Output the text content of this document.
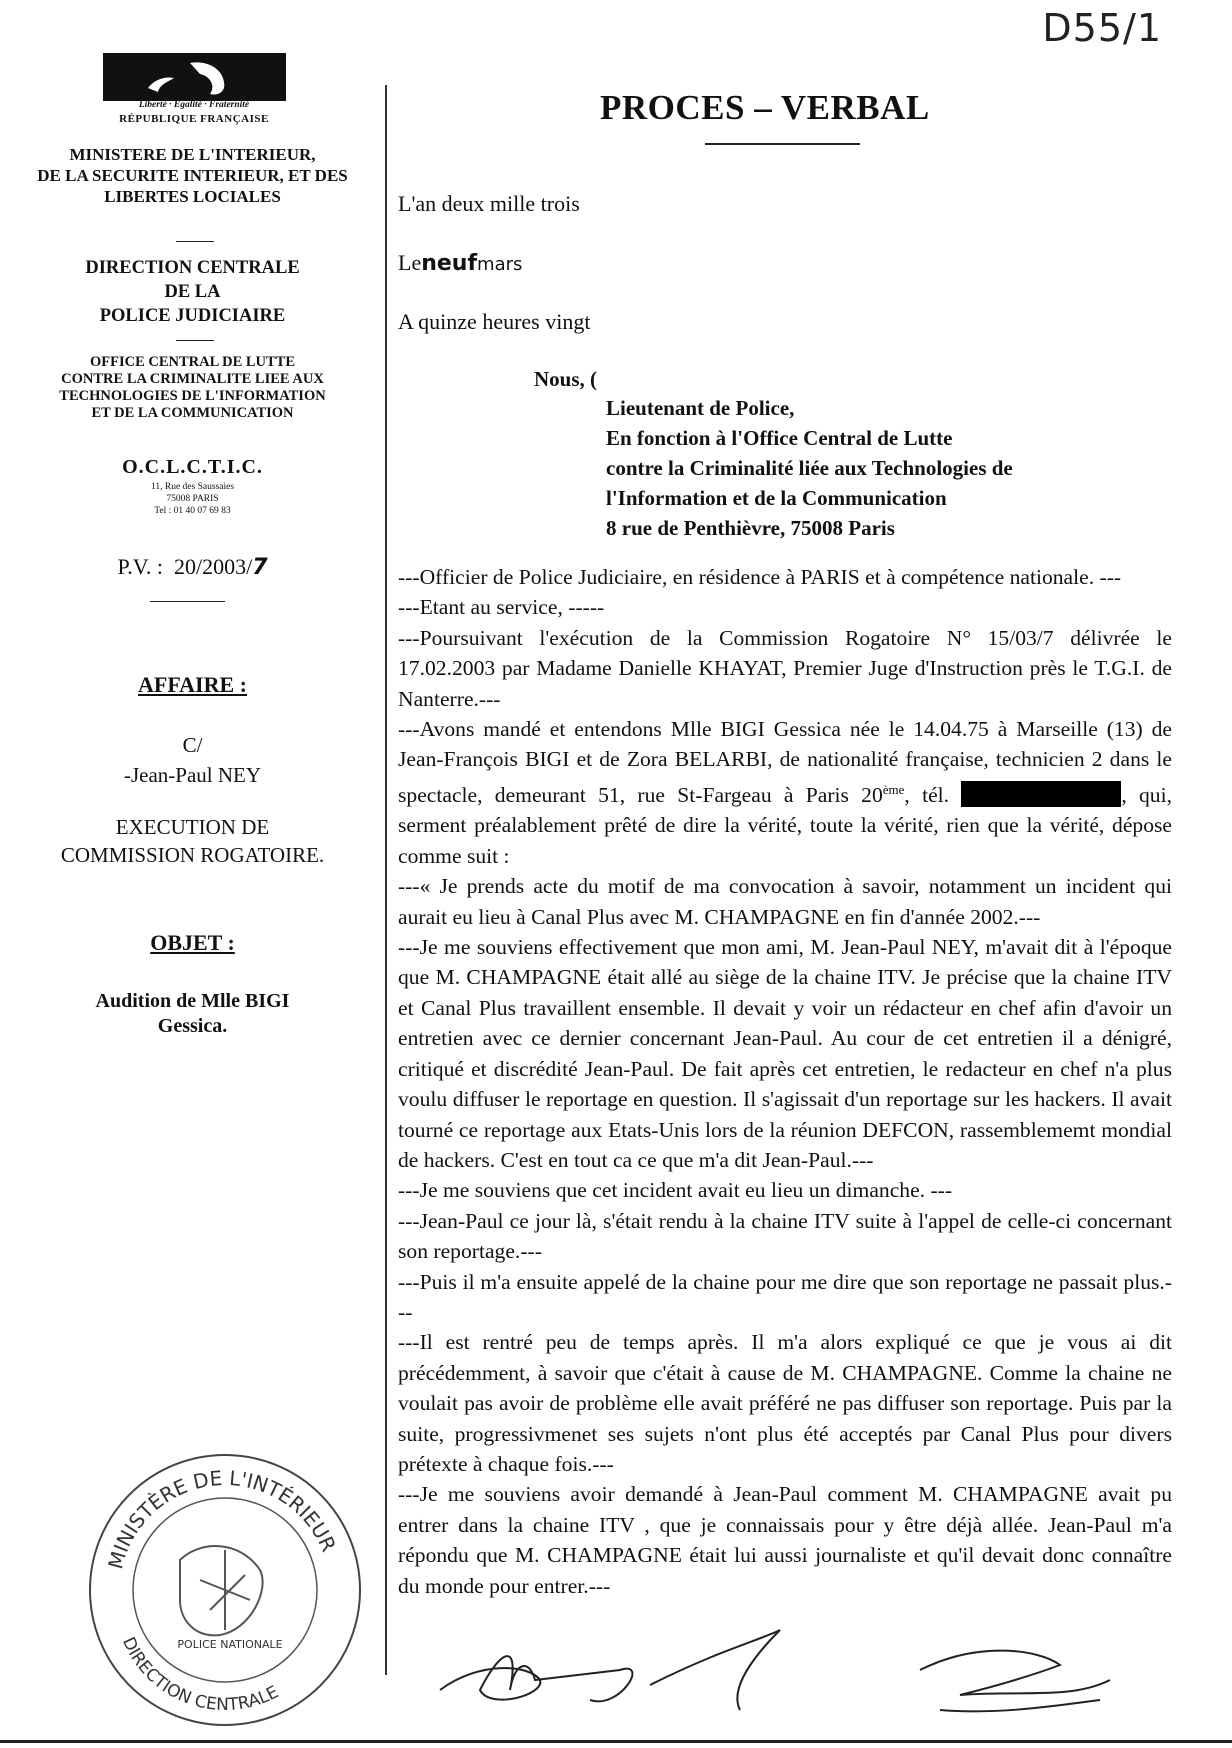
D55/1
Liberté · Égalité · Fraternité
RÉPUBLIQUE FRANÇAISE
MINISTERE DE L'INTERIEUR,
DE LA SECURITE INTERIEUR, ET DES
LIBERTES LOCIALES
DIRECTION CENTRALE
DE LA
POLICE JUDICIAIRE
OFFICE CENTRAL DE LUTTE
CONTRE LA CRIMINALITE LIEE AUX
TECHNOLOGIES DE L'INFORMATION
ET DE LA COMMUNICATION
O.C.L.C.T.I.C.
11, Rue des Saussaies
75008 PARIS
Tel : 01 40 07 69 83
P.V. : 20/2003/7
AFFAIRE :
C/
-Jean-Paul NEY
EXECUTION DE
COMMISSION ROGATOIRE.
OBJET :
Audition de Mlle BIGI
Gessica.
MINISTÈRE DE L'INTÉRIEUR
DIRECTION CENTRALE
POLICE NATIONALE
PROCES – VERBAL
L'an deux mille trois
Leneufmars
A quinze heures vingt
Nous, (
Lieutenant de Police,
En fonction à l'Office Central de Lutte
contre la Criminalité liée aux Technologies de
l'Information et de la Communication
8 rue de Penthièvre, 75008 Paris

---Officier de Police Judiciaire, en résidence à PARIS et à compétence nationale. ---

---Etant au service, -----

---Poursuivant l'exécution de la Commission Rogatoire N° 15/03/7 délivrée le 17.02.2003 par Madame Danielle KHAYAT, Premier Juge d'Instruction près le T.G.I. de Nanterre.---

---Avons mandé et entendons Mlle BIGI Gessica née le 14.04.75 à Marseille (13) de Jean-François BIGI et de Zora BELARBI, de nationalité française, technicien 2 dans le spectacle, demeurant 51, rue St-Fargeau à Paris 20ème, tél.	, qui, serment préalablement prêté de dire la vérité, toute la vérité, rien que la vérité, dépose comme suit :

---« Je prends acte du motif de ma convocation à savoir, notamment un incident qui aurait eu lieu à Canal Plus avec M. CHAMPAGNE en fin d'année 2002.---

---Je me souviens effectivement que mon ami, M. Jean-Paul NEY, m'avait dit à l'époque que M. CHAMPAGNE était allé au siège de la chaine ITV. Je précise que la chaine ITV et Canal Plus travaillent ensemble. Il devait y voir un rédacteur en chef afin d'avoir un entretien avec ce dernier concernant Jean-Paul. Au cour de cet entretien il a dénigré, critiqué et discrédité Jean-Paul. De fait après cet entretien, le redacteur en chef n'a plus voulu diffuser le reportage en question. Il s'agissait d'un reportage sur les hackers. Il avait tourné ce reportage aux Etats-Unis lors de la réunion DEFCON, rassemblememt mondial de hackers. C'est en tout ca ce que m'a dit Jean-Paul.---

---Je me souviens que cet incident avait eu lieu un dimanche. ---

---Jean-Paul ce jour là, s'était rendu à la chaine ITV suite à l'appel de celle-ci concernant son reportage.---

---Puis il m'a ensuite appelé de la chaine pour me dire que son reportage ne passait plus.---

---Il est rentré peu de temps après. Il m'a alors expliqué ce que je vous ai dit précédemment, à savoir que c'était à cause de M. CHAMPAGNE. Comme la chaine ne voulait pas avoir de problème elle avait préféré ne pas diffuser son reportage. Puis par la suite, progressivmenet ses sujets n'ont plus été acceptés par Canal Plus pour divers prétexte à chaque fois.---

---Je me souviens avoir demandé à Jean-Paul comment M. CHAMPAGNE avait pu entrer dans la chaine ITV , que je connaissais pour y être déjà allée. Jean-Paul m'a répondu que M. CHAMPAGNE était lui aussi journaliste et qu'il devait donc connaître du monde pour entrer.---
